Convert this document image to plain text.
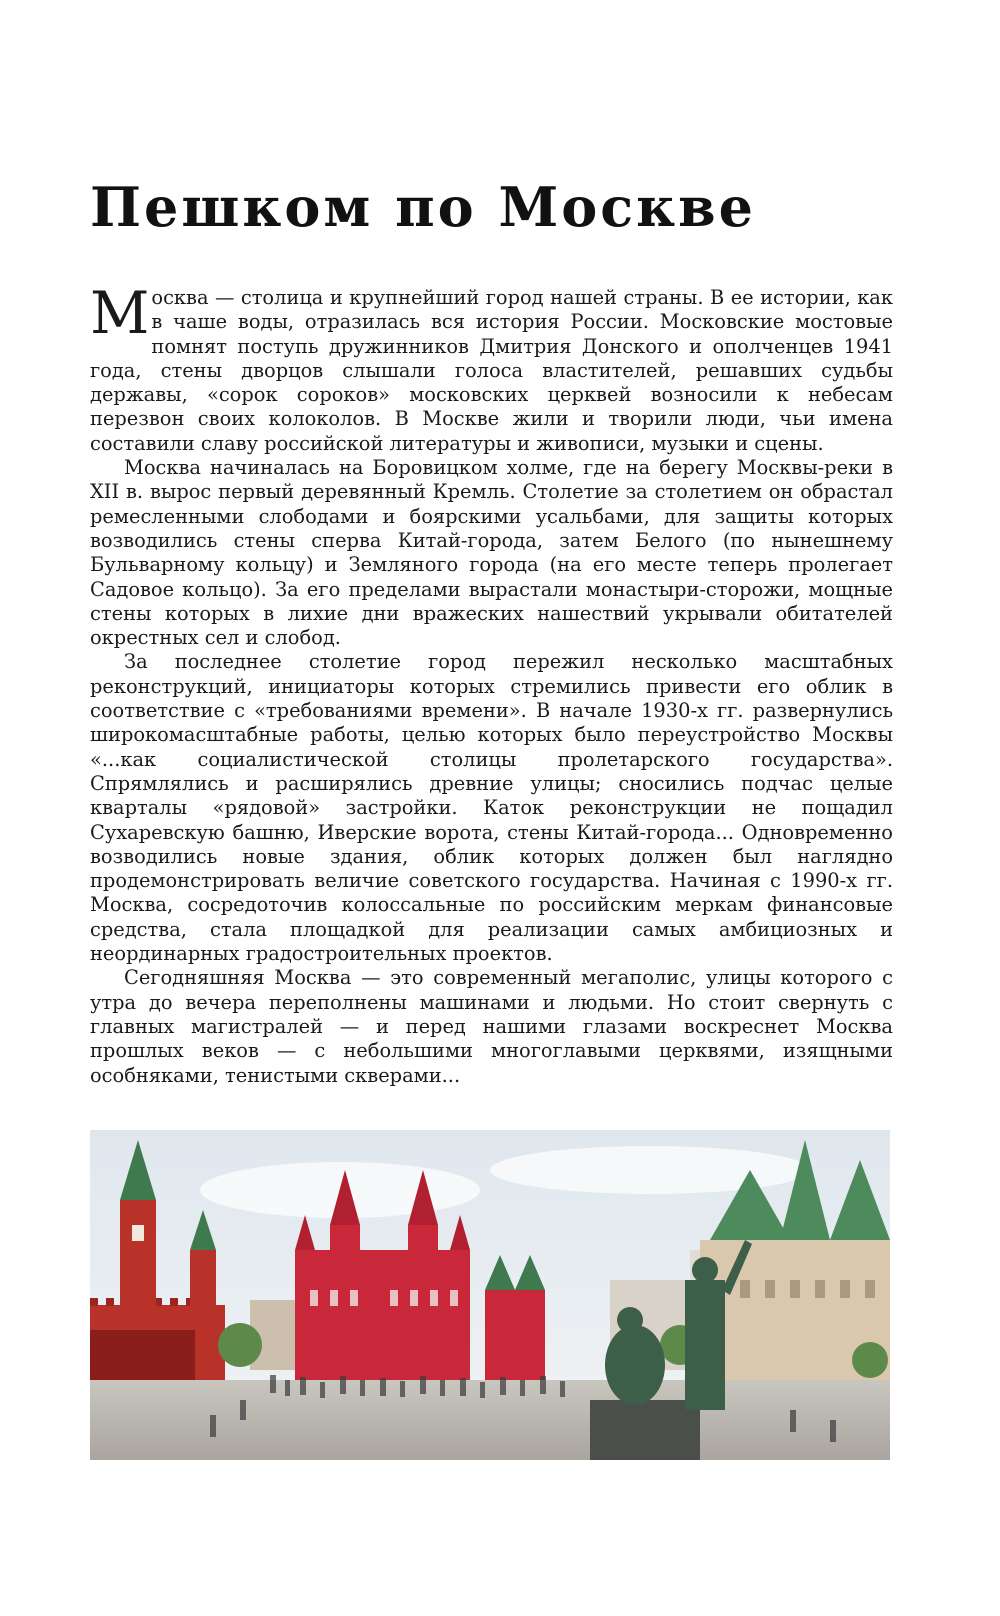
Пешком по Москве

Москва — столица и крупнейший город нашей страны. В ее истории, как в чаше воды, отразилась вся история России. Московские мостовые помнят поступь дружинников Дмитрия Донского и ополченцев 1941 года, стены дворцов слышали голоса властителей, решавших судьбы державы, «сорок сороков» московских церквей возносили к небесам перезвон своих колоколов. В Москве жили и творили люди, чьи имена составили славу российской литературы и живописи, музыки и сцены.

Москва начиналась на Боровицком холме, где на берегу Москвы-реки в XII в. вырос первый деревянный Кремль. Столетие за столетием он обрастал ремесленными слободами и боярскими усальбами, для защиты которых возводились стены сперва Китай-города, затем Белого (по нынешнему Бульварному кольцу) и Земляного города (на его месте теперь пролегает Садовое кольцо). За его пределами вырастали монастыри-сторожи, мощные стены которых в лихие дни вражеских нашествий укрывали обитателей окрестных сел и слобод.

За последнее столетие город пережил несколько масштабных реконструкций, инициаторы которых стремились привести его облик в соответствие с «требованиями времени». В начале 1930-х гг. развернулись широкомасштабные работы, целью которых было переустройство Москвы «...как социалистической столицы пролетарского государства». Спрямлялись и расширялись древние улицы; сносились подчас целые кварталы «рядовой» застройки. Каток реконструкции не пощадил Сухаревскую башню, Иверские ворота, стены Китай-города... Одновременно возводились новые здания, облик которых должен был наглядно продемонстрировать величие советского государства. Начиная с 1990-х гг. Москва, сосредоточив колоссальные по российским меркам финансовые средства, стала площадкой для реализации самых амбициозных и неординарных градостроительных проектов.

Сегодняшняя Москва — это современный мегаполис, улицы которого с утра до вечера переполнены машинами и людьми. Но стоит свернуть с главных магистралей — и перед нашими глазами воскреснет Москва прошлых веков — с небольшими многоглавыми церквями, изящными особняками, тенистыми скверами...
